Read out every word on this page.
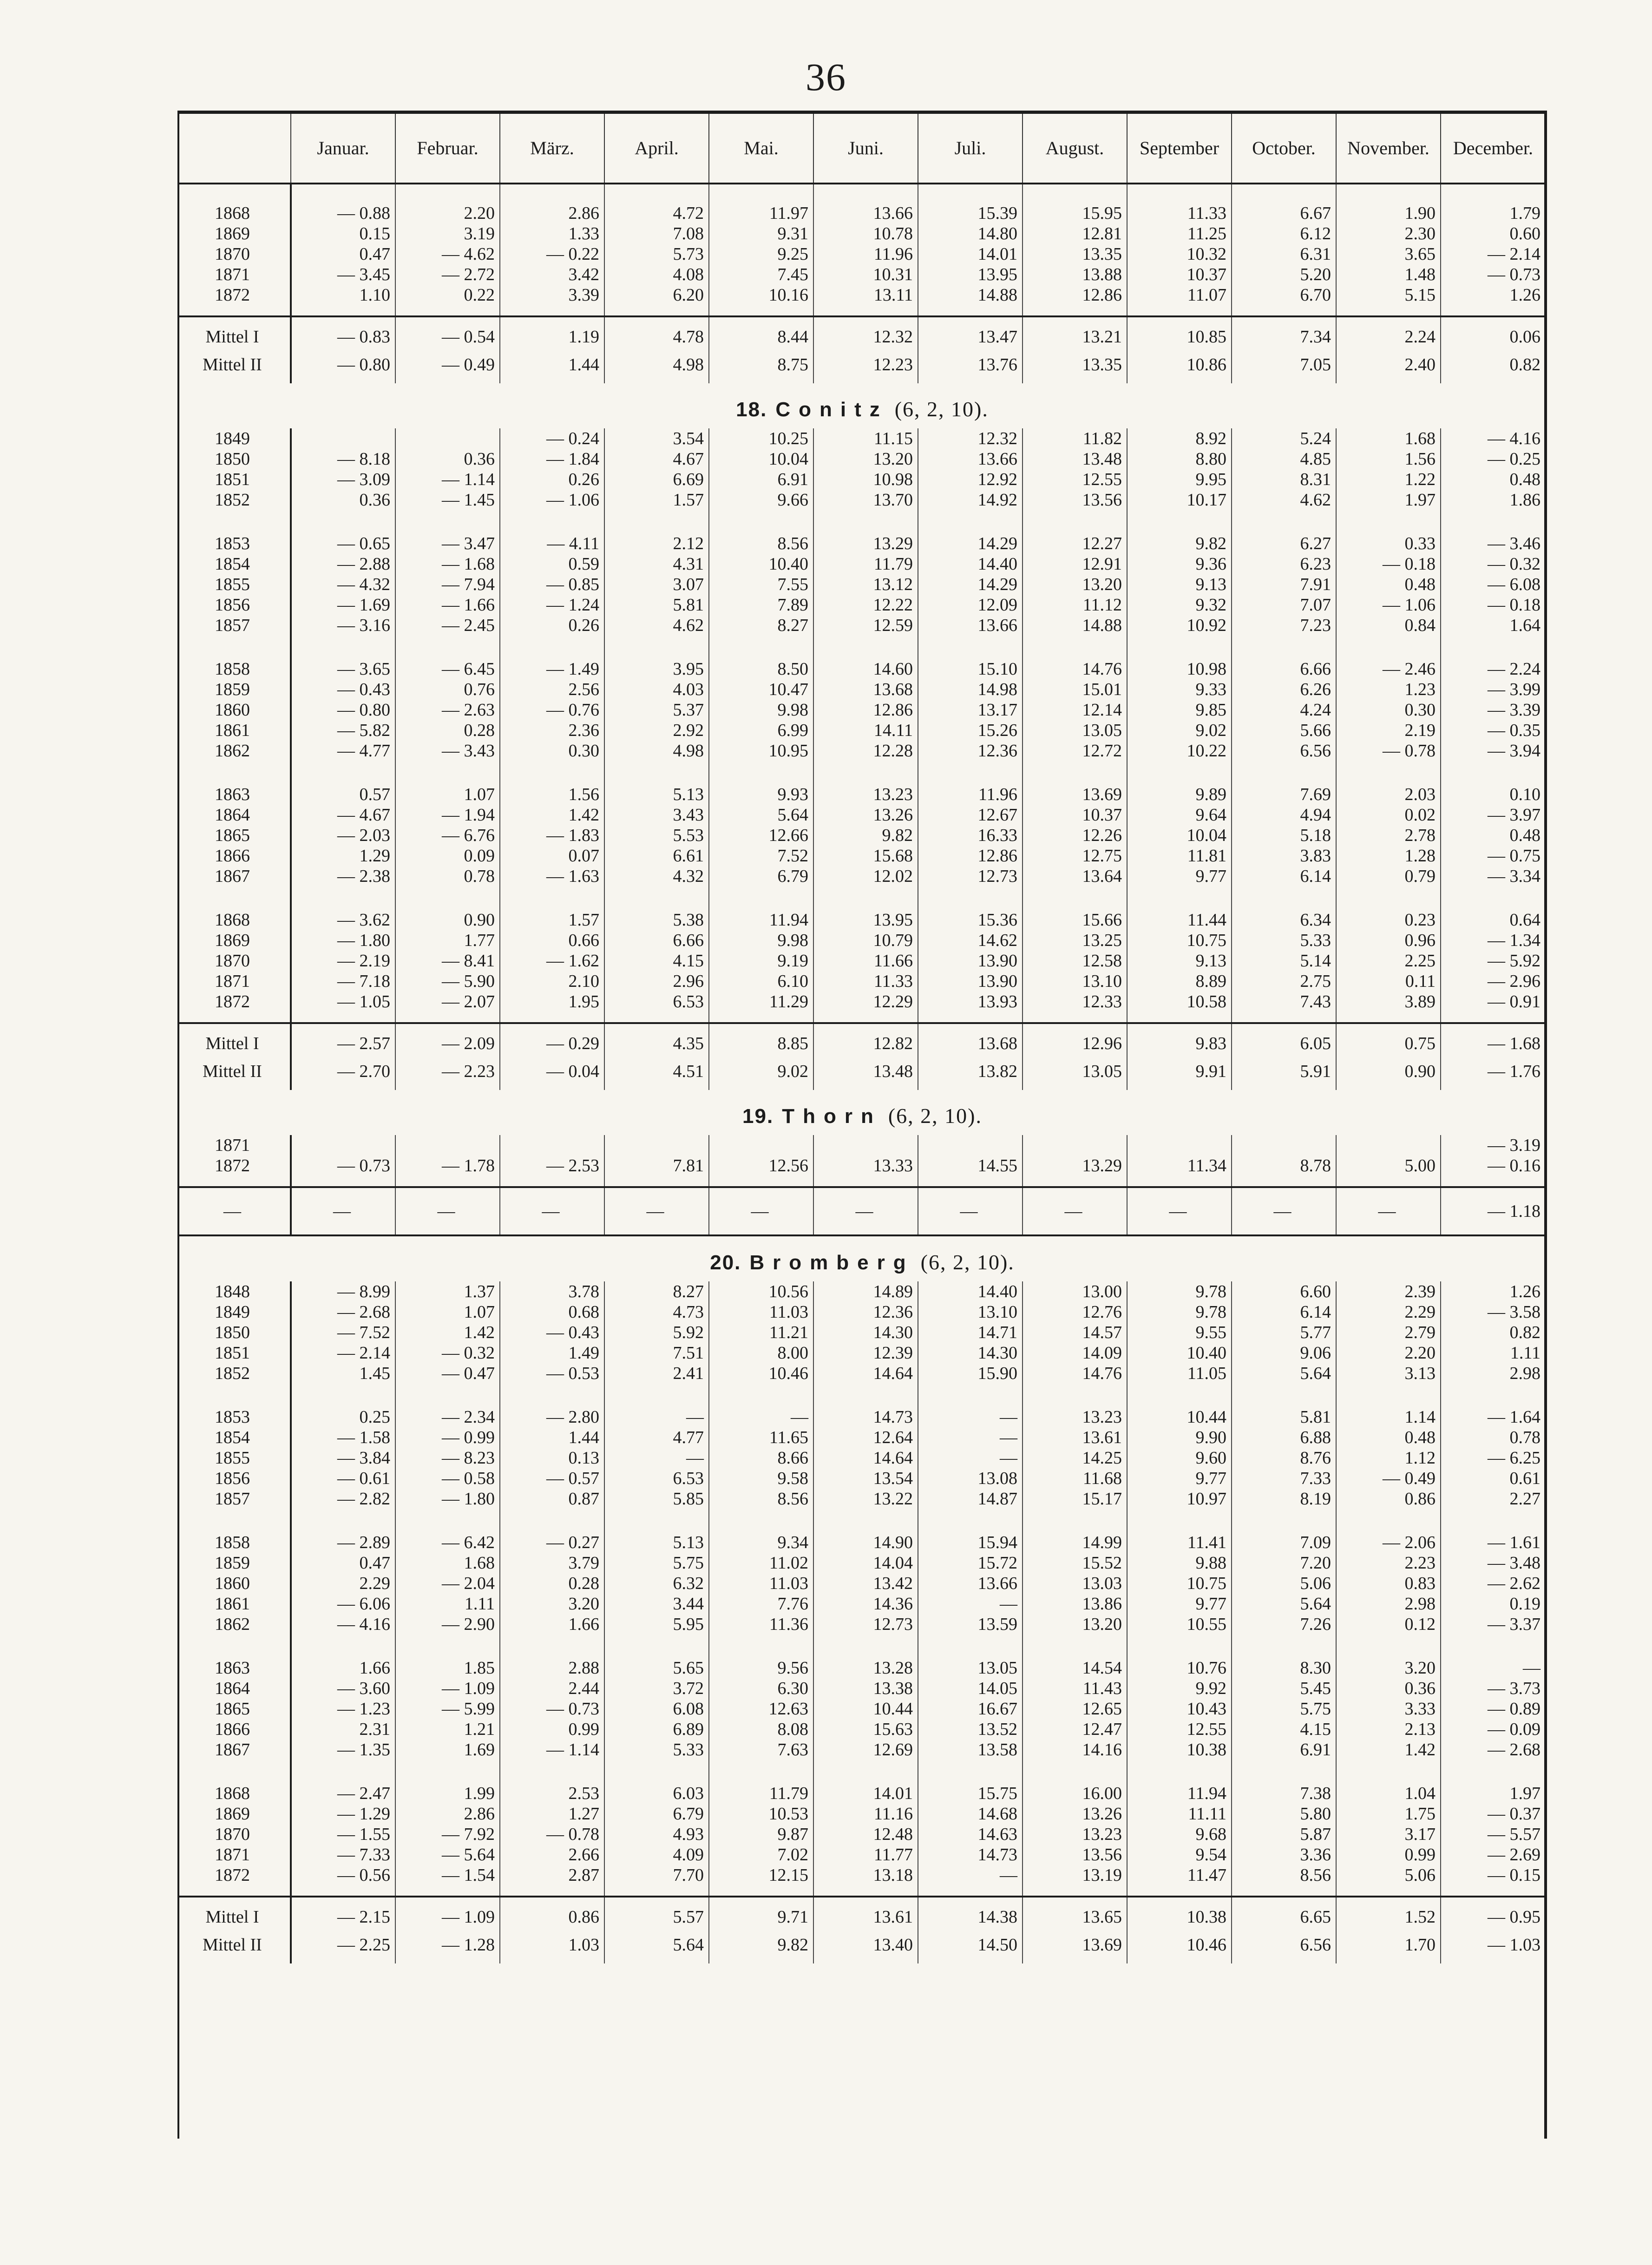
36
	Januar.	Februar.	März.	April.	Mai.	Juni.	Juli.	August.	September	October.	November.	December.
1868	— 0.88	2.20	2.86	4.72	11.97	13.66	15.39	15.95	11.33	6.67	1.90	1.79
1869	0.15	3.19	1.33	7.08	9.31	10.78	14.80	12.81	11.25	6.12	2.30	0.60
1870	0.47	— 4.62	— 0.22	5.73	9.25	11.96	14.01	13.35	10.32	6.31	3.65	— 2.14
1871	— 3.45	— 2.72	3.42	4.08	7.45	10.31	13.95	13.88	10.37	5.20	1.48	— 0.73
1872	1.10	0.22	3.39	6.20	10.16	13.11	14.88	12.86	11.07	6.70	5.15	1.26
Mittel I	— 0.83	— 0.54	1.19	4.78	8.44	12.32	13.47	13.21	10.85	7.34	2.24	0.06
Mittel II	— 0.80	— 0.49	1.44	4.98	8.75	12.23	13.76	13.35	10.86	7.05	2.40	0.82
18. Conitz (6, 2, 10).												
1849			— 0.24	3.54	10.25	11.15	12.32	11.82	8.92	5.24	1.68	— 4.16
1850	— 8.18	0.36	— 1.84	4.67	10.04	13.20	13.66	13.48	8.80	4.85	1.56	— 0.25
1851	— 3.09	— 1.14	0.26	6.69	6.91	10.98	12.92	12.55	9.95	8.31	1.22	0.48
1852	0.36	— 1.45	— 1.06	1.57	9.66	13.70	14.92	13.56	10.17	4.62	1.97	1.86
1853	— 0.65	— 3.47	— 4.11	2.12	8.56	13.29	14.29	12.27	9.82	6.27	0.33	— 3.46
1854	— 2.88	— 1.68	0.59	4.31	10.40	11.79	14.40	12.91	9.36	6.23	— 0.18	— 0.32
1855	— 4.32	— 7.94	— 0.85	3.07	7.55	13.12	14.29	13.20	9.13	7.91	0.48	— 6.08
1856	— 1.69	— 1.66	— 1.24	5.81	7.89	12.22	12.09	11.12	9.32	7.07	— 1.06	— 0.18
1857	— 3.16	— 2.45	0.26	4.62	8.27	12.59	13.66	14.88	10.92	7.23	0.84	1.64
1858	— 3.65	— 6.45	— 1.49	3.95	8.50	14.60	15.10	14.76	10.98	6.66	— 2.46	— 2.24
1859	— 0.43	0.76	2.56	4.03	10.47	13.68	14.98	15.01	9.33	6.26	1.23	— 3.99
1860	— 0.80	— 2.63	— 0.76	5.37	9.98	12.86	13.17	12.14	9.85	4.24	0.30	— 3.39
1861	— 5.82	0.28	2.36	2.92	6.99	14.11	15.26	13.05	9.02	5.66	2.19	— 0.35
1862	— 4.77	— 3.43	0.30	4.98	10.95	12.28	12.36	12.72	10.22	6.56	— 0.78	— 3.94
1863	0.57	1.07	1.56	5.13	9.93	13.23	11.96	13.69	9.89	7.69	2.03	0.10
1864	— 4.67	— 1.94	1.42	3.43	5.64	13.26	12.67	10.37	9.64	4.94	0.02	— 3.97
1865	— 2.03	— 6.76	— 1.83	5.53	12.66	9.82	16.33	12.26	10.04	5.18	2.78	0.48
1866	1.29	0.09	0.07	6.61	7.52	15.68	12.86	12.75	11.81	3.83	1.28	— 0.75
1867	— 2.38	0.78	— 1.63	4.32	6.79	12.02	12.73	13.64	9.77	6.14	0.79	— 3.34
1868	— 3.62	0.90	1.57	5.38	11.94	13.95	15.36	15.66	11.44	6.34	0.23	0.64
1869	— 1.80	1.77	0.66	6.66	9.98	10.79	14.62	13.25	10.75	5.33	0.96	— 1.34
1870	— 2.19	— 8.41	— 1.62	4.15	9.19	11.66	13.90	12.58	9.13	5.14	2.25	— 5.92
1871	— 7.18	— 5.90	2.10	2.96	6.10	11.33	13.90	13.10	8.89	2.75	0.11	— 2.96
1872	— 1.05	— 2.07	1.95	6.53	11.29	12.29	13.93	12.33	10.58	7.43	3.89	— 0.91
Mittel I	— 2.57	— 2.09	— 0.29	4.35	8.85	12.82	13.68	12.96	9.83	6.05	0.75	— 1.68
Mittel II	— 2.70	— 2.23	— 0.04	4.51	9.02	13.48	13.82	13.05	9.91	5.91	0.90	— 1.76
19. Thorn (6, 2, 10).												
1871												— 3.19
1872	— 0.73	— 1.78	— 2.53	7.81	12.56	13.33	14.55	13.29	11.34	8.78	5.00	— 0.16
—	—	—	—	—	—	—	—	—	—	—	—	— 1.18
20. Bromberg (6, 2, 10).												
1848	— 8.99	1.37	3.78	8.27	10.56	14.89	14.40	13.00	9.78	6.60	2.39	1.26
1849	— 2.68	1.07	0.68	4.73	11.03	12.36	13.10	12.76	9.78	6.14	2.29	— 3.58
1850	— 7.52	1.42	— 0.43	5.92	11.21	14.30	14.71	14.57	9.55	5.77	2.79	0.82
1851	— 2.14	— 0.32	1.49	7.51	8.00	12.39	14.30	14.09	10.40	9.06	2.20	1.11
1852	1.45	— 0.47	— 0.53	2.41	10.46	14.64	15.90	14.76	11.05	5.64	3.13	2.98
1853	0.25	— 2.34	— 2.80	—	—	14.73	—	13.23	10.44	5.81	1.14	— 1.64
1854	— 1.58	— 0.99	1.44	4.77	11.65	12.64	—	13.61	9.90	6.88	0.48	0.78
1855	— 3.84	— 8.23	0.13	—	8.66	14.64	—	14.25	9.60	8.76	1.12	— 6.25
1856	— 0.61	— 0.58	— 0.57	6.53	9.58	13.54	13.08	11.68	9.77	7.33	— 0.49	0.61
1857	— 2.82	— 1.80	0.87	5.85	8.56	13.22	14.87	15.17	10.97	8.19	0.86	2.27
1858	— 2.89	— 6.42	— 0.27	5.13	9.34	14.90	15.94	14.99	11.41	7.09	— 2.06	— 1.61
1859	0.47	1.68	3.79	5.75	11.02	14.04	15.72	15.52	9.88	7.20	2.23	— 3.48
1860	2.29	— 2.04	0.28	6.32	11.03	13.42	13.66	13.03	10.75	5.06	0.83	— 2.62
1861	— 6.06	1.11	3.20	3.44	7.76	14.36	—	13.86	9.77	5.64	2.98	0.19
1862	— 4.16	— 2.90	1.66	5.95	11.36	12.73	13.59	13.20	10.55	7.26	0.12	— 3.37
1863	1.66	1.85	2.88	5.65	9.56	13.28	13.05	14.54	10.76	8.30	3.20	—
1864	— 3.60	— 1.09	2.44	3.72	6.30	13.38	14.05	11.43	9.92	5.45	0.36	— 3.73
1865	— 1.23	— 5.99	— 0.73	6.08	12.63	10.44	16.67	12.65	10.43	5.75	3.33	— 0.89
1866	2.31	1.21	0.99	6.89	8.08	15.63	13.52	12.47	12.55	4.15	2.13	— 0.09
1867	— 1.35	1.69	— 1.14	5.33	7.63	12.69	13.58	14.16	10.38	6.91	1.42	— 2.68
1868	— 2.47	1.99	2.53	6.03	11.79	14.01	15.75	16.00	11.94	7.38	1.04	1.97
1869	— 1.29	2.86	1.27	6.79	10.53	11.16	14.68	13.26	11.11	5.80	1.75	— 0.37
1870	— 1.55	— 7.92	— 0.78	4.93	9.87	12.48	14.63	13.23	9.68	5.87	3.17	— 5.57
1871	— 7.33	— 5.64	2.66	4.09	7.02	11.77	14.73	13.56	9.54	3.36	0.99	— 2.69
1872	— 0.56	— 1.54	2.87	7.70	12.15	13.18	—	13.19	11.47	8.56	5.06	— 0.15
Mittel I	— 2.15	— 1.09	0.86	5.57	9.71	13.61	14.38	13.65	10.38	6.65	1.52	— 0.95
Mittel II	— 2.25	— 1.28	1.03	5.64	9.82	13.40	14.50	13.69	10.46	6.56	1.70	— 1.03
